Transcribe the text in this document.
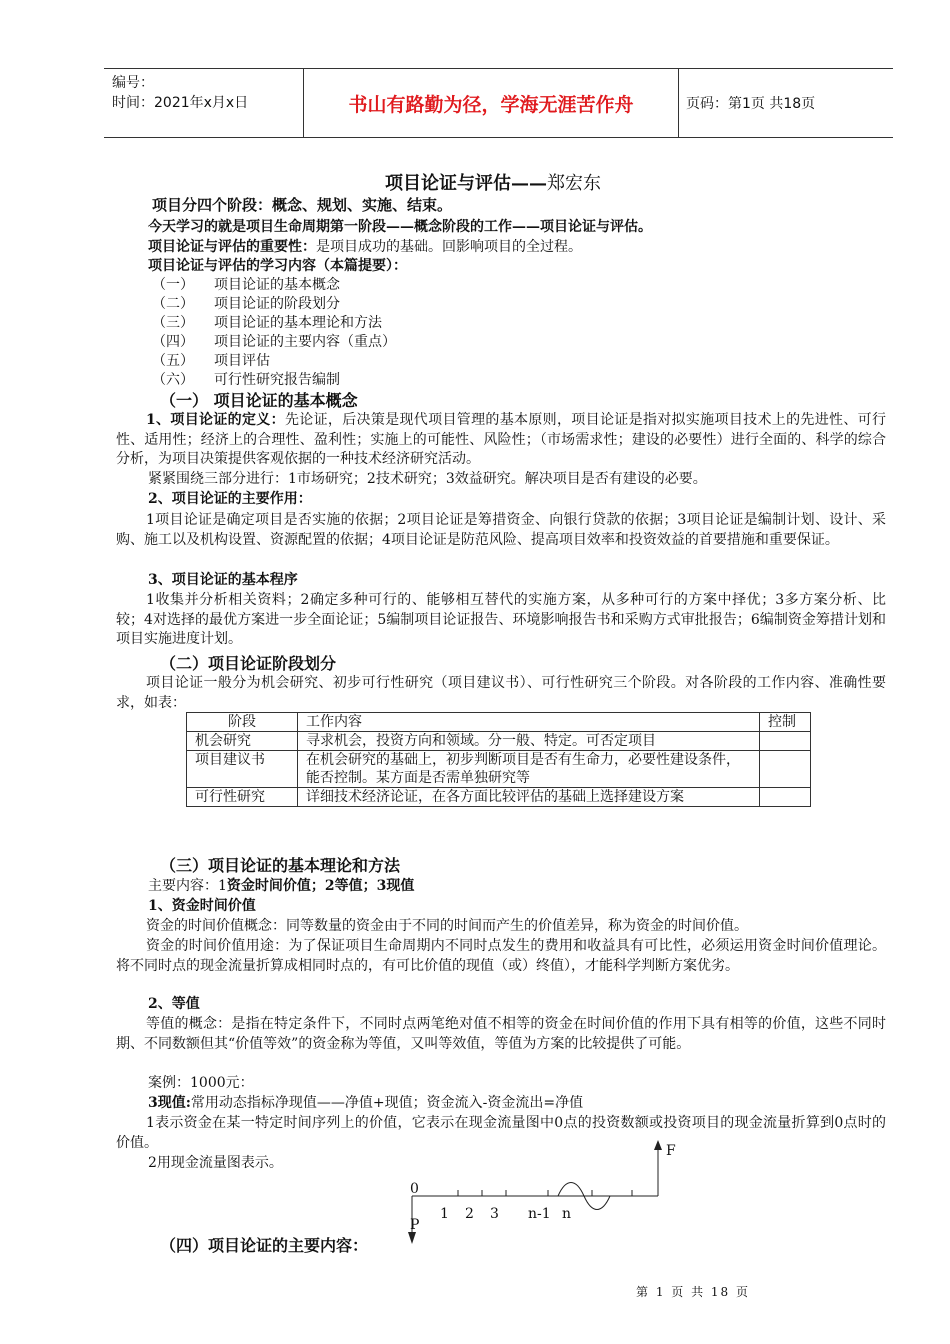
编号：
时间：2021年x月x日	书山有路勤为径，学海无涯苦作舟	页码：第1页 共18页
项目论证与评估——郑宏东
项目分四个阶段：概念、规划、实施、结束。
今天学习的就是项目生命周期第一阶段——概念阶段的工作——项目论证与评估。
项目论证与评估的重要性：是项目成功的基础。回影响项目的全过程。
项目论证与评估的学习内容（本篇提要）：
（一） 项目论证的基本概念
（二） 项目论证的阶段划分
（三） 项目论证的基本理论和方法
（四） 项目论证的主要内容（重点）
（五） 项目评估
（六） 可行性研究报告编制
（一） 项目论证的基本概念
1、项目论证的定义：先论证，后决策是现代项目管理的基本原则，项目论证是指对拟实施项目技术上的先进性、可行性、适用性；经济上的合理性、盈利性；实施上的可能性、风险性；（市场需求性；建设的必要性）进行全面的、科学的综合分析，为项目决策提供客观依据的一种技术经济研究活动。
紧紧围绕三部分进行：1市场研究；2技术研究；3效益研究。解决项目是否有建设的必要。
2、项目论证的主要作用：
1项目论证是确定项目是否实施的依据；2项目论证是筹措资金、向银行贷款的依据；3项目论证是编制计划、设计、采购、施工以及机构设置、资源配置的依据；4项目论证是防范风险、提高项目效率和投资效益的首要措施和重要保证。
3、项目论证的基本程序
1收集并分析相关资料；2确定多种可行的、能够相互替代的实施方案，从多种可行的方案中择优；3多方案分析、比较；4对选择的最优方案进一步全面论证；5编制项目论证报告、环境影响报告书和采购方式审批报告；6编制资金筹措计划和项目实施进度计划。
（二）项目论证阶段划分
项目论证一般分为机会研究、初步可行性研究（项目建议书）、可行性研究三个阶段。对各阶段的工作内容、准确性要求，如表：
阶段	工作内容	控制
机会研究	寻求机会，投资方向和领域。分一般、特定。可否定项目	
项目建议书	在机会研究的基础上，初步判断项目是否有生命力，必要性建设条件，能否控制。某方面是否需单独研究等	
可行性研究	详细技术经济论证，在各方面比较评估的基础上选择建设方案	
（三）项目论证的基本理论和方法
主要内容：1资金时间价值；2等值；3现值
1、资金时间价值
资金的时间价值概念：同等数量的资金由于不同的时间而产生的价值差异，称为资金的时间价值。
资金的时间价值用途：为了保证项目生命周期内不同时点发生的费用和收益具有可比性，必须运用资金时间价值理论。将不同时点的现金流量折算成相同时点的，有可比价值的现值（或）终值），才能科学判断方案优劣。
2、等值
等值的概念：是指在特定条件下，不同时点两笔绝对值不相等的资金在时间价值的作用下具有相等的价值，这些不同时期、不同数额但其“价值等效”的资金称为等值，又叫等效值，等值为方案的比较提供了可能。
案例：1000元：
3现值:常用动态指标净现值——净值+现值；资金流入-资金流出=净值
1表示资金在某一特定时间序列上的价值，它表示在现金流量图中0点的投资数额或投资项目的现金流量折算到0点时的价值。
2用现金流量图表示。
F
0
P
1 2 3 n-1 n
（四）项目论证的主要内容：
第 1 页 共 18 页
